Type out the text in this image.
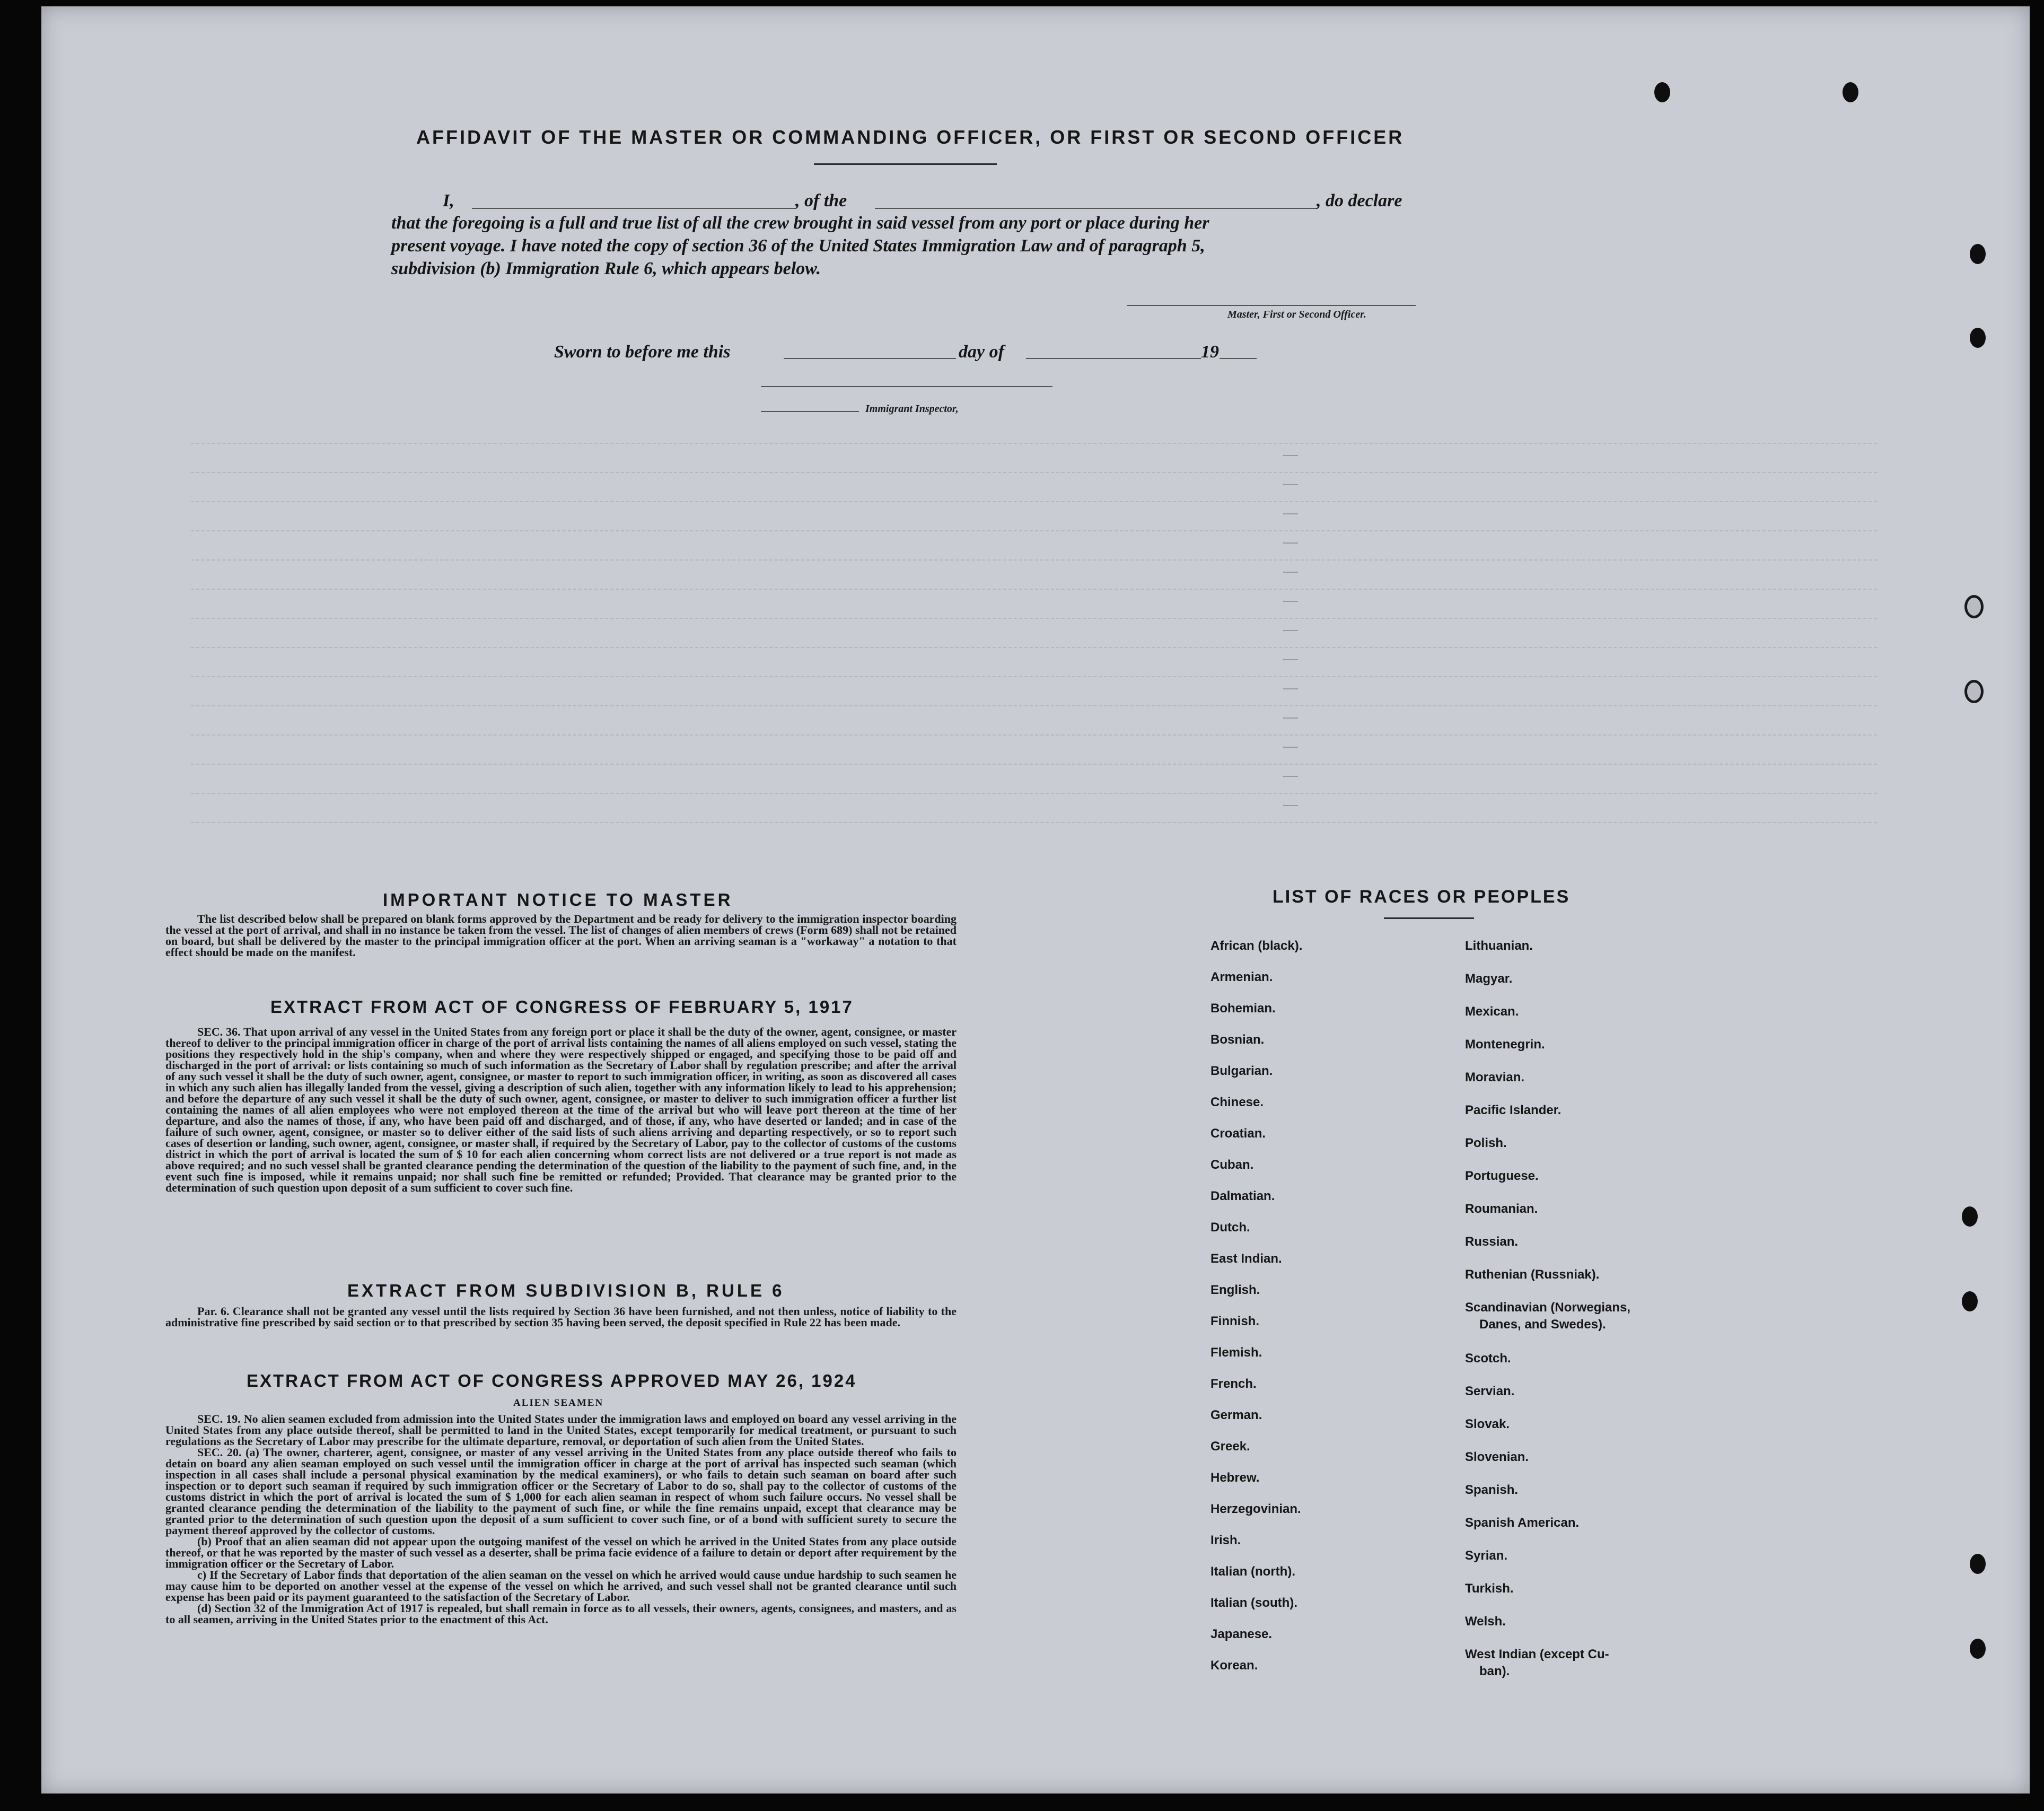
AFFIDAVIT OF THE MASTER OR COMMANDING OFFICER, OR FIRST OR SECOND OFFICER
I,	, of the	, do declare
that the foregoing is a full and true list of all the crew brought in said vessel from any port or place during her
present voyage. I have noted the copy of section 36 of the United States Immigration Law and of paragraph 5,
subdivision (b) Immigration Rule 6, which appears below.
Master, First or Second Officer.
Sworn to before me this	day of	19
Immigrant Inspector,
IMPORTANT NOTICE TO MASTER

The list described below shall be prepared on blank forms approved by the Department and be ready for delivery to the immigration inspector boarding the vessel at the port of arrival, and shall in no instance be taken from the vessel. The list of changes of alien members of crews (Form 689) shall not be retained on board, but shall be delivered by the master to the principal immigration officer at the port. When an arriving seaman is a "workaway" a notation to that effect should be made on the manifest.

EXTRACT FROM ACT OF CONGRESS OF FEBRUARY 5, 1917

SEC. 36. That upon arrival of any vessel in the United States from any foreign port or place it shall be the duty of the owner, agent, consignee, or master thereof to deliver to the principal immigration officer in charge of the port of arrival lists containing the names of all aliens employed on such vessel, stating the positions they respectively hold in the ship's company, when and where they were respectively shipped or engaged, and specifying those to be paid off and discharged in the port of arrival: or lists containing so much of such information as the Secretary of Labor shall by regulation prescribe; and after the arrival of any such vessel it shall be the duty of such owner, agent, consignee, or master to report to such immigration officer, in writing, as soon as discovered all cases in which any such alien has illegally landed from the vessel, giving a description of such alien, together with any information likely to lead to his apprehension; and before the departure of any such vessel it shall be the duty of such owner, agent, consignee, or master to deliver to such immigration officer a further list containing the names of all alien employees who were not employed thereon at the time of the arrival but who will leave port thereon at the time of her departure, and also the names of those, if any, who have been paid off and discharged, and of those, if any, who have deserted or landed; and in case of the failure of such owner, agent, consignee, or master so to deliver either of the said lists of such aliens arriving and departing respectively, or so to report such cases of desertion or landing, such owner, agent, consignee, or master shall, if required by the Secretary of Labor, pay to the collector of customs of the customs district in which the port of arrival is located the sum of $ 10 for each alien concerning whom correct lists are not delivered or a true report is not made as above required; and no such vessel shall be granted clearance pending the determination of the question of the liability to the payment of such fine, and, in the event such fine is imposed, while it remains unpaid; nor shall such fine be remitted or refunded; Provided. That clearance may be granted prior to the determination of such question upon deposit of a sum sufficient to cover such fine.

EXTRACT FROM SUBDIVISION B, RULE 6

Par. 6. Clearance shall not be granted any vessel until the lists required by Section 36 have been furnished, and not then unless, notice of liability to the administrative fine prescribed by said section or to that prescribed by section 35 having been served, the deposit specified in Rule 22 has been made.

EXTRACT FROM ACT OF CONGRESS APPROVED MAY 26, 1924
ALIEN SEAMEN

SEC. 19. No alien seamen excluded from admission into the United States under the immigration laws and employed on board any vessel arriving in the United States from any place outside thereof, shall be permitted to land in the United States, except temporarily for medical treatment, or pursuant to such regulations as the Secretary of Labor may prescribe for the ultimate departure, removal, or deportation of such alien from the United States.

SEC. 20. (a) The owner, charterer, agent, consignee, or master of any vessel arriving in the United States from any place outside thereof who fails to detain on board any alien seaman employed on such vessel until the immigration officer in charge at the port of arrival has inspected such seaman (which inspection in all cases shall include a personal physical examination by the medical examiners), or who fails to detain such seaman on board after such inspection or to deport such seaman if required by such immigration officer or the Secretary of Labor to do so, shall pay to the collector of customs of the customs district in which the port of arrival is located the sum of $ 1,000 for each alien seaman in respect of whom such failure occurs. No vessel shall be granted clearance pending the determination of the liability to the payment of such fine, or while the fine remains unpaid, except that clearance may be granted prior to the determination of such question upon the deposit of a sum sufficient to cover such fine, or of a bond with sufficient surety to secure the payment thereof approved by the collector of customs.

(b) Proof that an alien seaman did not appear upon the outgoing manifest of the vessel on which he arrived in the United States from any place outside thereof, or that he was reported by the master of such vessel as a deserter, shall be prima facie evidence of a failure to detain or deport after requirement by the immigration officer or the Secretary of Labor.

c) If the Secretary of Labor finds that deportation of the alien seaman on the vessel on which he arrived would cause undue hardship to such seamen he may cause him to be deported on another vessel at the expense of the vessel on which he arrived, and such vessel shall not be granted clearance until such expense has been paid or its payment guaranteed to the satisfaction of the Secretary of Labor.

(d) Section 32 of the Immigration Act of 1917 is repealed, but shall remain in force as to all vessels, their owners, agents, consignees, and masters, and as to all seamen, arriving in the United States prior to the enactment of this Act.

LIST OF RACES OR PEOPLES
African (black).
Armenian.
Bohemian.
Bosnian.
Bulgarian.
Chinese.
Croatian.
Cuban.
Dalmatian.
Dutch.
East Indian.
English.
Finnish.
Flemish.
French.
German.
Greek.
Hebrew.
Herzegovinian.
Irish.
Italian (north).
Italian (south).
Japanese.
Korean.
Lithuanian.
Magyar.
Mexican.
Montenegrin.
Moravian.
Pacific Islander.
Polish.
Portuguese.
Roumanian.
Russian.
Ruthenian (Russniak).
Scandinavian (Norwegians,
Danes, and Swedes).
Scotch.
Servian.
Slovak.
Slovenian.
Spanish.
Spanish American.
Syrian.
Turkish.
Welsh.
West Indian (except Cu-
ban).
